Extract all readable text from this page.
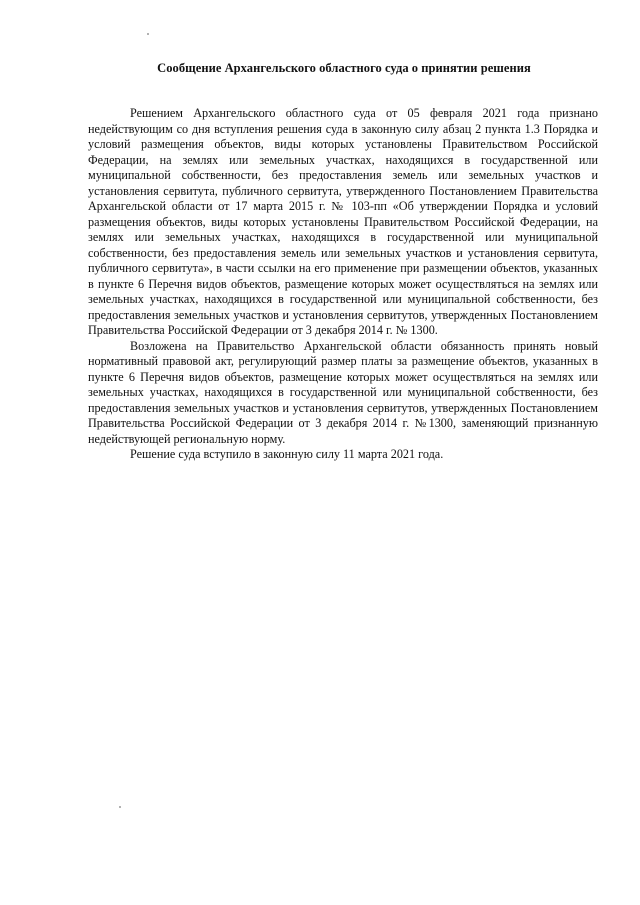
Сообщение Архангельского областного суда о принятии решения

Решением Архангельского областного суда от 05 февраля 2021 года признано недействующим со дня вступления решения суда в законную силу абзац 2 пункта 1.3 Порядка и условий размещения объектов, виды которых установлены Правительством Российской Федерации, на землях или земельных участках, находящихся в государственной или муниципальной собственности, без предоставления земель или земельных участков и установления сервитута, публичного сервитута, утвержденного Постановлением Правительства Архангельской области от 17 марта 2015 г. № 103-пп «Об утверждении Порядка и условий размещения объектов, виды которых установлены Правительством Российской Федерации, на землях или земельных участках, находящихся в государственной или муниципальной собственности, без предоставления земель или земельных участков и установления сервитута, публичного сервитута», в части ссылки на его применение при размещении объектов, указанных в пункте 6 Перечня видов объектов, размещение которых может осуществляться на землях или земельных участках, находящихся в государственной или муниципальной собственности, без предоставления земельных участков и установления сервитутов, утвержденных Постановлением Правительства Российской Федерации от 3 декабря 2014 г. № 1300.

Возложена на Правительство Архангельской области обязанность принять новый нормативный правовой акт, регулирующий размер платы за размещение объектов, указанных в пункте 6 Перечня видов объектов, размещение которых может осуществляться на землях или земельных участках, находящихся в государственной или муниципальной собственности, без предоставления земельных участков и установления сервитутов, утвержденных Постановлением Правительства Российской Федерации от 3 декабря 2014 г. №1300, заменяющий признанную недействующей региональную норму.

Решение суда вступило в законную силу 11 марта 2021 года.
